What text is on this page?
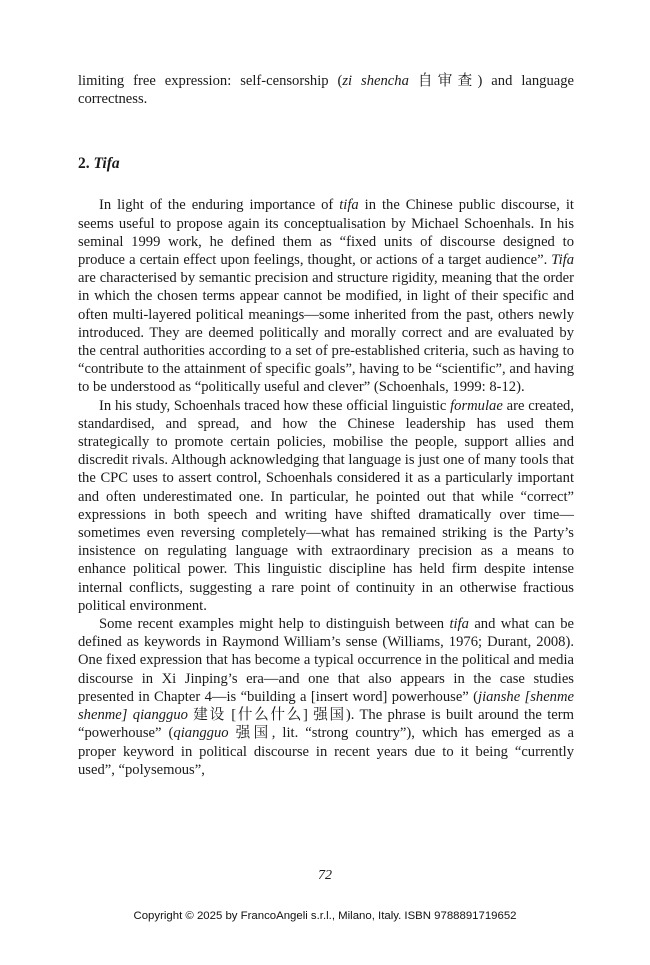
limiting free expression: self-censorship (zi shencha 自审查) and language correctness.

2. Tifa

In light of the enduring importance of tifa in the Chinese public discourse, it seems useful to propose again its conceptualisation by Michael Schoenhals. In his seminal 1999 work, he defined them as “fixed units of discourse designed to produce a certain effect upon feelings, thought, or actions of a target audience”. Tifa are characterised by semantic precision and structure rigidity, meaning that the order in which the chosen terms appear cannot be modified, in light of their specific and often multi-layered political meanings—some inherited from the past, others newly introduced. They are deemed politically and morally correct and are evaluated by the central authorities according to a set of pre-established criteria, such as having to “contribute to the attainment of specific goals”, having to be “scientific”, and having to be understood as “politically useful and clever” (Schoenhals, 1999: 8-12).

In his study, Schoenhals traced how these official linguistic formulae are created, standardised, and spread, and how the Chinese leadership has used them strategically to promote certain policies, mobilise the people, support allies and discredit rivals. Although acknowledging that language is just one of many tools that the CPC uses to assert control, Schoenhals considered it as a particularly important and often underestimated one. In particular, he pointed out that while “correct” expressions in both speech and writing have shifted dramatically over time—sometimes even reversing completely—what has remained striking is the Party’s insistence on regulating language with extraordinary precision as a means to enhance political power. This linguistic discipline has held firm despite intense internal conflicts, suggesting a rare point of continuity in an otherwise fractious political environment.

Some recent examples might help to distinguish between tifa and what can be defined as keywords in Raymond William’s sense (Williams, 1976; Durant, 2008). One fixed expression that has become a typical occurrence in the political and media discourse in Xi Jinping’s era—and one that also appears in the case studies presented in Chapter 4—is “building a [insert word] powerhouse” (jianshe [shenme shenme] qiangguo 建设 [什么什么] 强国). The phrase is built around the term “powerhouse” (qiangguo 强国, lit. “strong country”), which has emerged as a proper keyword in political discourse in recent years due to it being “currently used”, “polysemous”,

72
Copyright © 2025 by FrancoAngeli s.r.l., Milano, Italy. ISBN 9788891719652
